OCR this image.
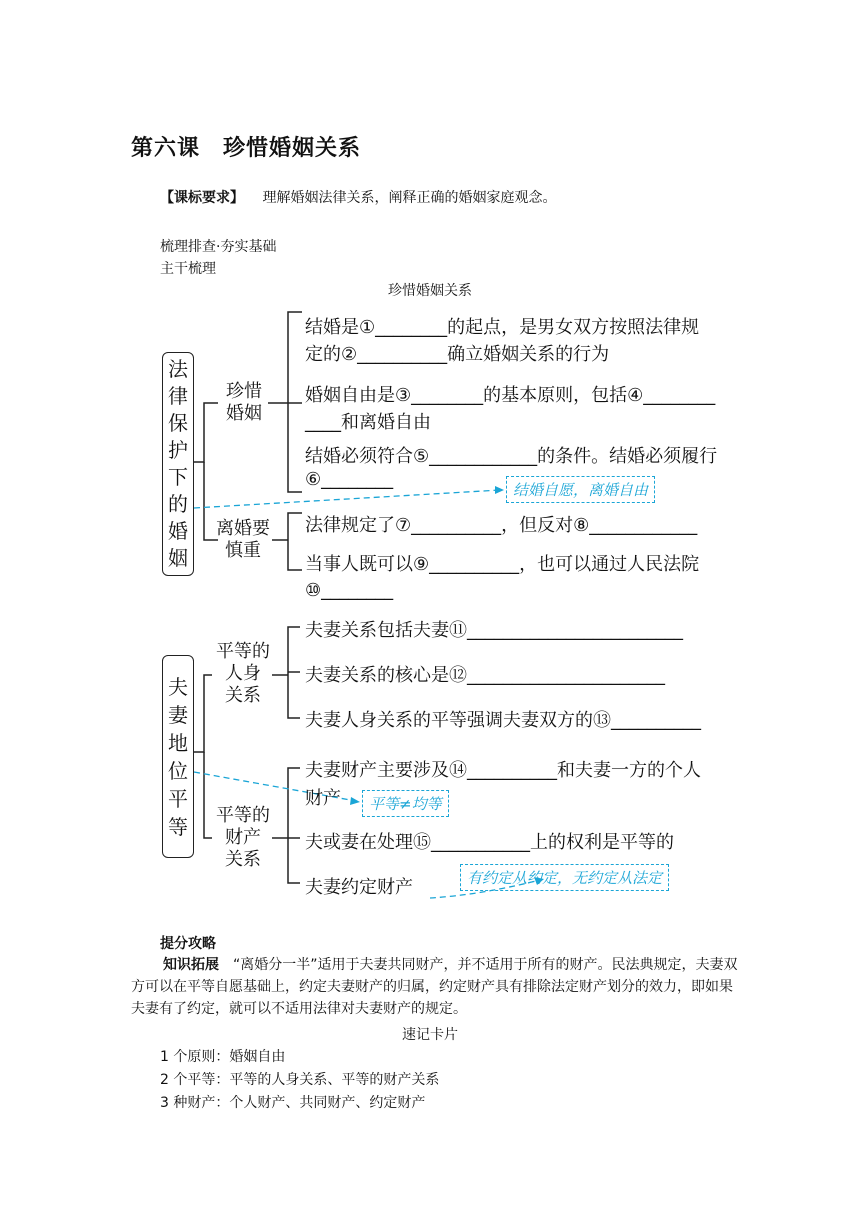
第六课　珍惜婚姻关系
【课标要求】 理解婚姻法律关系，阐释正确的婚姻家庭观念。
梳理排查·夯实基础
主干梳理
珍惜婚姻关系
法
律
保
护
下
的
婚
姻
夫
妻
地
位
平
等
珍惜
婚姻
离婚要
慎重
平等的
人身
关系
平等的
财产
关系
结婚是①________的起点，是男女双方按照法律规
定的②__________确立婚姻关系的行为
婚姻自由是③________的基本原则，包括④________
____和离婚自由
结婚必须符合⑤____________的条件。结婚必须履行
⑥________
法律规定了⑦__________，但反对⑧____________
当事人既可以⑨__________，也可以通过人民法院
⑩________
夫妻关系包括夫妻⑪________________________
夫妻关系的核心是⑫______________________
夫妻人身关系的平等强调夫妻双方的⑬__________
夫妻财产主要涉及⑭__________和夫妻一方的个人
财产
夫或妻在处理⑮___________上的权利是平等的
夫妻约定财产
结婚自愿，离婚自由
平等≠均等
有约定从约定，无约定从法定
提分攻略
知识拓展 “离婚分一半”适用于夫妻共同财产，并不适用于所有的财产。民法典规定，夫妻双方可以在平等自愿基础上，约定夫妻财产的归属，约定财产具有排除法定财产划分的效力，即如果夫妻有了约定，就可以不适用法律对夫妻财产的规定。
速记卡片
1 个原则：婚姻自由
2 个平等：平等的人身关系、平等的财产关系
3 种财产：个人财产、共同财产、约定财产
